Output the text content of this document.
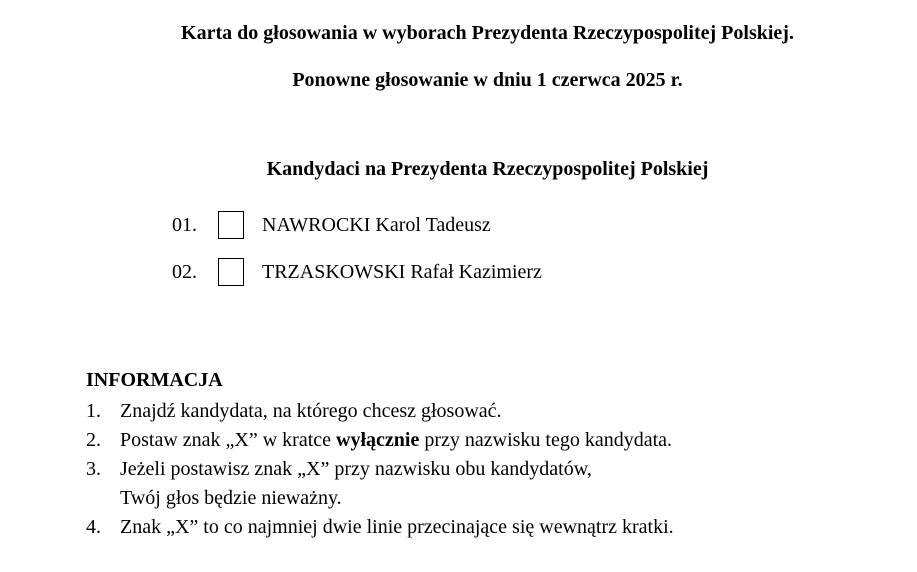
Karta do głosowania w wyborach Prezydenta Rzeczypospolitej Polskiej.
Ponowne głosowanie w dniu 1 czerwca 2025 r.
Kandydaci na Prezydenta Rzeczypospolitej Polskiej
01.	NAWROCKI Karol Tadeusz
02.	TRZASKOWSKI Rafał Kazimierz
INFORMACJA
1. Znajdź kandydata, na którego chcesz głosować.
2. Postaw znak „X” w kratce wyłącznie przy nazwisku tego kandydata.
3. Jeżeli postawisz znak „X” przy nazwisku obu kandydatów,
Twój głos będzie nieważny.
4. Znak „X” to co najmniej dwie linie przecinające się wewnątrz kratki.
